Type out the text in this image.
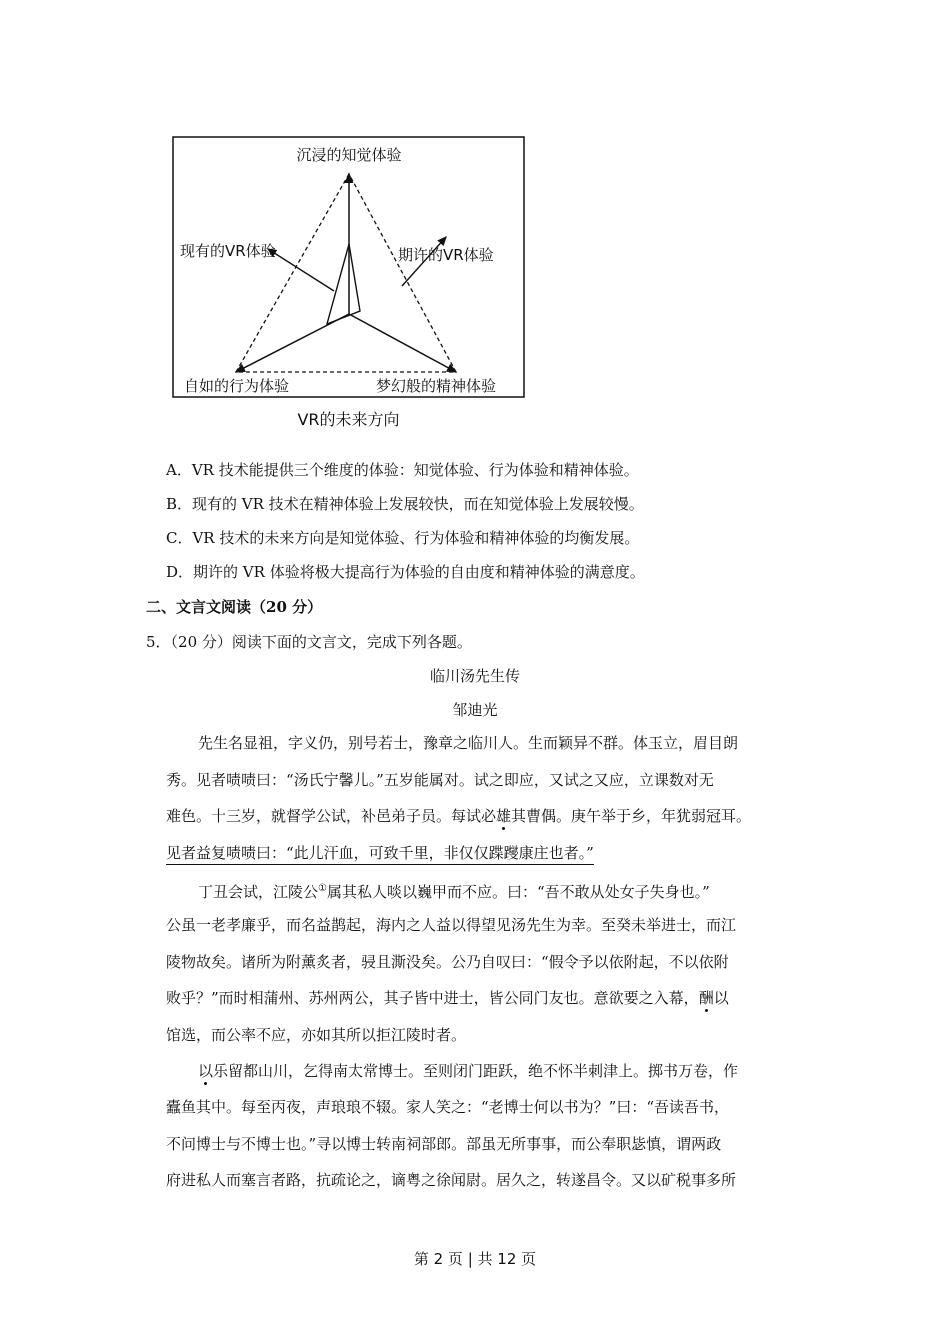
沉浸的知觉体验
现有的VR体验	期许的VR体验
自如的行为体验	梦幻般的精神体验
VR的未来方向
A．VR 技术能提供三个维度的体验：知觉体验、行为体验和精神体验。
B．现有的 VR 技术在精神体验上发展较快，而在知觉体验上发展较慢。
C．VR 技术的未来方向是知觉体验、行为体验和精神体验的均衡发展。
D．期许的 VR 体验将极大提高行为体验的自由度和精神体验的满意度。
二、文言文阅读（20 分）
5．（20 分）阅读下面的文言文，完成下列各题。
临川汤先生传
邹迪光
先生名显祖，字义仍，别号若士，豫章之临川人。生而颖异不群。体玉立，眉目朗
秀。见者啧啧曰：“汤氏宁馨儿。”五岁能属对。试之即应，又试之又应，立课数对无
难色。十三岁，就督学公试，补邑弟子员。每试必雄其曹偶。庚午举于乡，年犹弱冠耳。
见者益复啧啧曰：“此儿汗血，可致千里，非仅仅蹀躞康庄也者。”
丁丑会试，江陵公①属其私人啖以巍甲而不应。曰：“吾不敢从处女子失身也。”
公虽一老孝廉乎，而名益鹊起，海内之人益以得望见汤先生为幸。至癸未举进士，而江
陵物故矣。诸所为附薰炙者，骎且澌没矣。公乃自叹曰：“假令予以依附起，不以依附
败乎？”而时相蒲州、苏州两公，其子皆中进士，皆公同门友也。意欲要之入幕，酬以
馆选，而公率不应，亦如其所以拒江陵时者。
以乐留都山川，乞得南太常博士。至则闭门距跃，绝不怀半刺津上。掷书万卷，作
蠹鱼其中。每至丙夜，声琅琅不辍。家人笑之：“老博士何以书为？”曰：“吾读吾书，
不问博士与不博士也。”寻以博士转南祠部郎。部虽无所事事，而公奉职毖慎，谓两政
府进私人而塞言者路，抗疏论之，谪粤之徐闻尉。居久之，转遂昌令。又以矿税事多所
第 2 页 | 共 12 页
